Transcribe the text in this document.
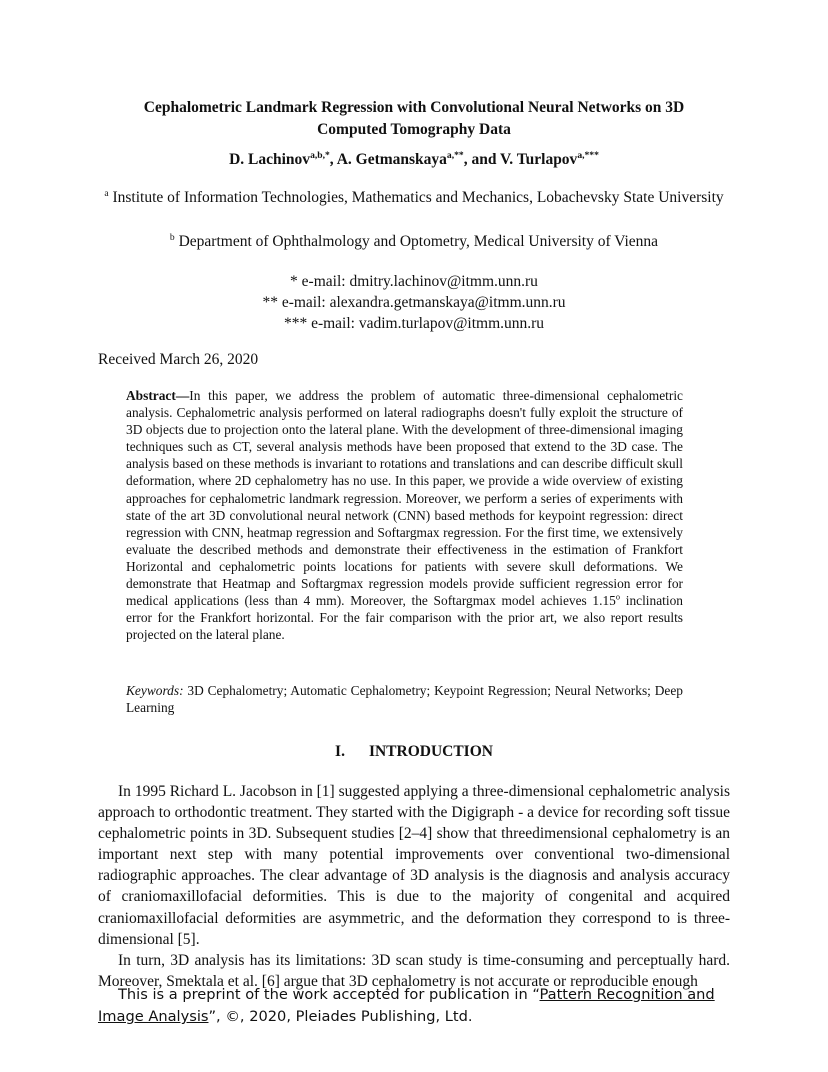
Cephalometric Landmark Regression with Convolutional Neural Networks on 3D
Computed Tomography Data
D. Lachinov$^{a,b,*}$, A. Getmanskaya$^{a,**}$, and V. Turlapov$^{a,***}$
$^a$ Institute of Information Technologies, Mathematics and Mechanics, Lobachevsky State University
$^b$ Department of Ophthalmology and Optometry, Medical University of Vienna
* e-mail: dmitry.lachinov@itmm.unn.ru
** e-mail: alexandra.getmanskaya@itmm.unn.ru
*** e-mail: vadim.turlapov@itmm.unn.ru
Received March 26, 2020
Abstract—In this paper, we address the problem of automatic three-dimensional cephalometric analysis. Cephalometric analysis performed on lateral radiographs doesn't fully exploit the structure of 3D objects due to projection onto the lateral plane. With the development of three-dimensional imaging techniques such as CT, several analysis methods have been proposed that extend to the 3D case. The analysis based on these methods is invariant to rotations and translations and can describe difficult skull deformation, where 2D cephalometry has no use. In this paper, we provide a wide overview of existing approaches for cephalometric landmark regression. Moreover, we perform a series of experiments with state of the art 3D convolutional neural network (CNN) based methods for keypoint regression: direct regression with CNN, heatmap regression and Softargmax regression. For the first time, we extensively evaluate the described methods and demonstrate their effectiveness in the estimation of Frankfort Horizontal and cephalometric points locations for patients with severe skull deformations. We demonstrate that Heatmap and Softargmax regression models provide sufficient regression error for medical applications (less than 4 mm). Moreover, the Softargmax model achieves 1.15$^o$ inclination error for the Frankfort horizontal. For the fair comparison with the prior art, we also report results projected on the lateral plane.
Keywords: 3D Cephalometry; Automatic Cephalometry; Keypoint Regression; Neural Networks; Deep Learning
I. INTRODUCTION

In 1995 Richard L. Jacobson in [1] suggested applying a three-dimensional cephalometric analysis approach to orthodontic treatment. They started with the Digigraph - a device for recording soft tissue cephalometric points in 3D. Subsequent studies [2–4] show that threedimensional cephalometry is an important next step with many potential improvements over conventional two-dimensional radiographic approaches. The clear advantage of 3D analysis is the diagnosis and analysis accuracy of craniomaxillofacial deformities. This is due to the majority of congenital and acquired craniomaxillofacial deformities are asymmetric, and the deformation they correspond to is three-dimensional [5].

In turn, 3D analysis has its limitations: 3D scan study is time-consuming and perceptually hard. Moreover, Smektala et al. [6] argue that 3D cephalometry is not accurate or reproducible enough

This is a preprint of the work accepted for publication in “Pattern Recognition and Image Analysis”, ©, 2020, Pleiades Publishing, Ltd.
